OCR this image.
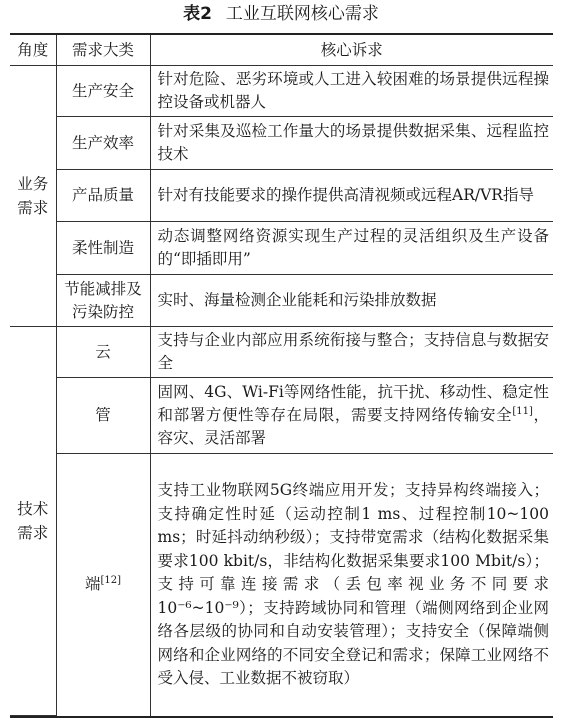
表2 工业互联网核心需求
角度	需求大类	核心诉求

业务需求	生产安全	针对危险、恶劣环境或人工进入较困难的场景提供远程操控设备或机器人
	生产效率	针对采集及巡检工作量大的场景提供数据采集、远程监控技术
	产品质量	针对有技能要求的操作提供高清视频或远程AR/VR指导
	柔性制造	动态调整网络资源实现生产过程的灵活组织及生产设备的“即插即用”

	节能减排及污染防控	实时、海量检测企业能耗和污染排放数据

技术需求	云	支持与企业内部应用系统衔接与整合；支持信息与数据安全
	管	固网、4G、Wi-Fi等网络性能，抗干扰、移动性、稳定性和部署方便性等存在局限，需要支持网络传输安全[11]，容灾、灵活部署
	端[12]	支持工业物联网5G终端应用开发；支持异构终端接入；支持确定性时延（运动控制1 ms、过程控制10~100 ms；时延抖动纳秒级）；支持带宽需求（结构化数据采集要求100 kbit/s，非结构化数据采集要求100 Mbit/s）；支持可靠连接需求（丢包率视业务不同要求10⁻⁶~10⁻⁹）；支持跨域协同和管理（端侧网络到企业网络各层级的协同和自动安装管理）；支持安全（保障端侧网络和企业网络的不同安全登记和需求；保障工业网络不受入侵、工业数据不被窃取）
